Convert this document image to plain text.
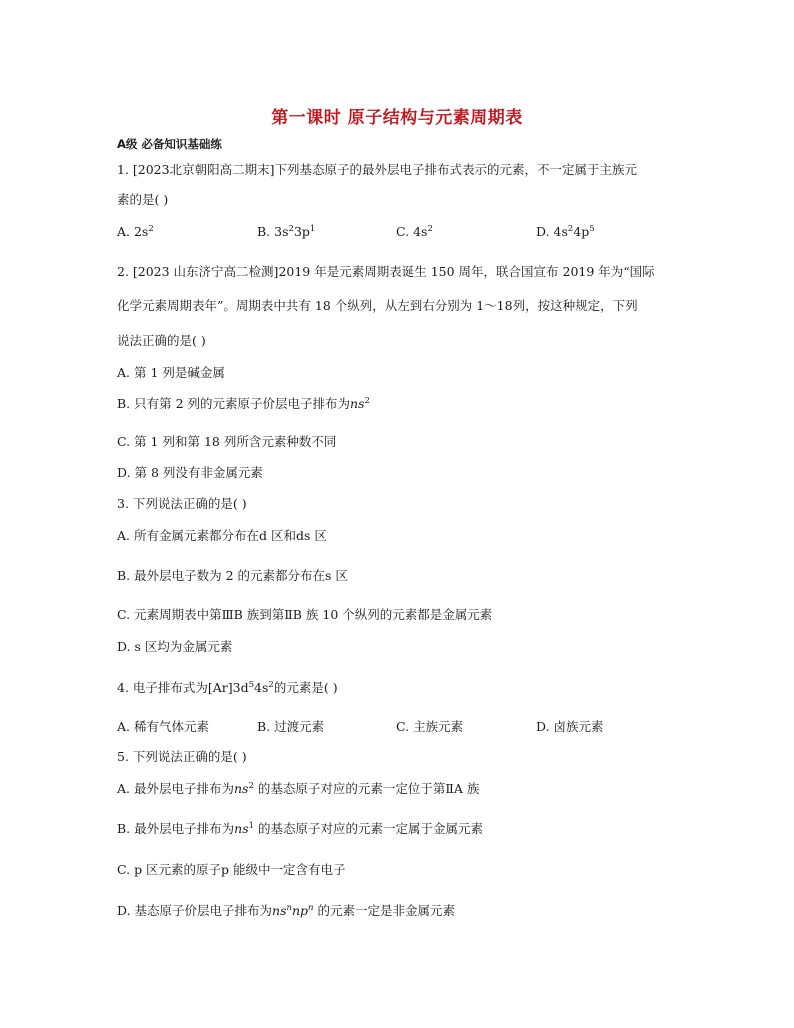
第一课时 原子结构与元素周期表
A级 必备知识基础练
1. [2023北京朝阳高二期末]下列基态原子的最外层电子排布式表示的元素，不一定属于主族元
素的是( )
A. $2s^2$	B. $3s^23p^1$	C. $4s^2$	D. $4s^24p^5$
2. [2023 山东济宁高二检测]2019 年是元素周期表诞生 150 周年，联合国宣布 2019 年为“国际
化学元素周期表年”。周期表中共有 18 个纵列，从左到右分别为 1～18列，按这种规定，下列
说法正确的是( )
A. 第 1 列是碱金属
B. 只有第 2 列的元素原子价层电子排布为$ns^2$
C. 第 1 列和第 18 列所含元素种数不同
D. 第 8 列没有非金属元素
3. 下列说法正确的是( )
A. 所有金属元素都分布在d 区和ds 区
B. 最外层电子数为 2 的元素都分布在s 区
C. 元素周期表中第ⅢB 族到第ⅡB 族 10 个纵列的元素都是金属元素
D. s 区均为金属元素
4. 电子排布式为$[Ar]3d^54s^2$的元素是( )
A. 稀有气体元素	B. 过渡元素	C. 主族元素	D. 卤族元素
5. 下列说法正确的是( )
A. 最外层电子排布为$ns^2$ 的基态原子对应的元素一定位于第ⅡA 族
B. 最外层电子排布为$ns^1$ 的基态原子对应的元素一定属于金属元素
C. p 区元素的原子p 能级中一定含有电子
D. 基态原子价层电子排布为$ns^nnp^n$ 的元素一定是非金属元素
